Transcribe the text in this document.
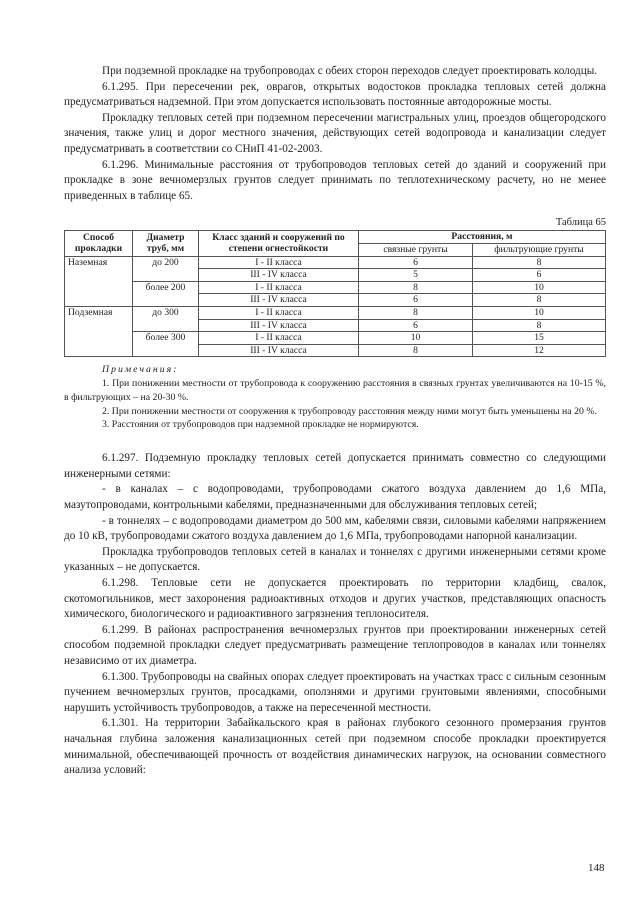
При подземной прокладке на трубопроводах с обеих сторон переходов следует проектировать колодцы.

6.1.295. При пересечении рек, оврагов, открытых водостоков прокладка тепловых сетей должна предусматриваться надземной. При этом допускается использовать постоянные автодорожные мосты.

Прокладку тепловых сетей при подземном пересечении магистральных улиц, проездов общегородского значения, также улиц и дорог местного значения, действующих сетей водопровода и канализации следует предусматривать в соответствии со СНиП 41-02-2003.

6.1.296. Минимальные расстояния от трубопроводов тепловых сетей до зданий и сооружений при прокладке в зоне вечномерзлых грунтов следует принимать по теплотехническому расчету, но не менее приведенных в таблице 65.

Таблица 65
Способ прокладки	Диаметр труб, мм	Класс зданий и сооружений по степени огнестойкости	Расстояния, м	
			связные грунты	фильтрующие грунты
Наземная	до 200	I - II класса	6	8
		III - IV класса	5	6
	более 200	I - II класса	8	10
		III - IV класса	6	8
Подземная	до 300	I - II класса	8	10
		III - IV класса	6	8
	более 300	I - II класса	10	15
		III - IV класса	8	12

Примечания:

1. При понижении местности от трубопровода к сооружению расстояния в связных грунтах увеличиваются на 10-15 %, в фильтрующих – на 20-30 %.

2. При понижении местности от сооружения к трубопроводу расстояния между ними могут быть уменьшены на 20 %.

3. Расстояния от трубопроводов при надземной прокладке не нормируются.

6.1.297. Подземную прокладку тепловых сетей допускается принимать совместно со следующими инженерными сетями:

- в каналах – с водопроводами, трубопроводами сжатого воздуха давлением до 1,6 МПа, мазутопроводами, контрольными кабелями, предназначенными для обслуживания тепловых сетей;

- в тоннелях – с водопроводами диаметром до 500 мм, кабелями связи, силовыми кабелями напряжением до 10 кВ, трубопроводами сжатого воздуха давлением до 1,6 МПа, трубопроводами напорной канализации.

Прокладка трубопроводов тепловых сетей в каналах и тоннелях с другими инженерными сетями кроме указанных – не допускается.

6.1.298. Тепловые сети не допускается проектировать по территории кладбищ, свалок, скотомогильников, мест захоронения радиоактивных отходов и других участков, представляющих опасность химического, биологического и радиоактивного загрязнения теплоносителя.

6.1.299. В районах распространения вечномерзлых грунтов при проектировании инженерных сетей способом подземной прокладки следует предусматривать размещение теплопроводов в каналах или тоннелях независимо от их диаметра.

6.1.300. Трубопроводы на свайных опорах следует проектировать на участках трасс с сильным сезонным пучением вечномерзлых грунтов, просадками, оползнями и другими грунтовыми явлениями, способными нарушить устойчивость трубопроводов, а также на пересеченной местности.

6.1.301. На территории Забайкальского края в районах глубокого сезонного промерзания грунтов начальная глубина заложения канализационных сетей при подземном способе прокладки проектируется минимальной, обеспечивающей прочность от воздействия динамических нагрузок, на основании совместного анализа условий:

148
